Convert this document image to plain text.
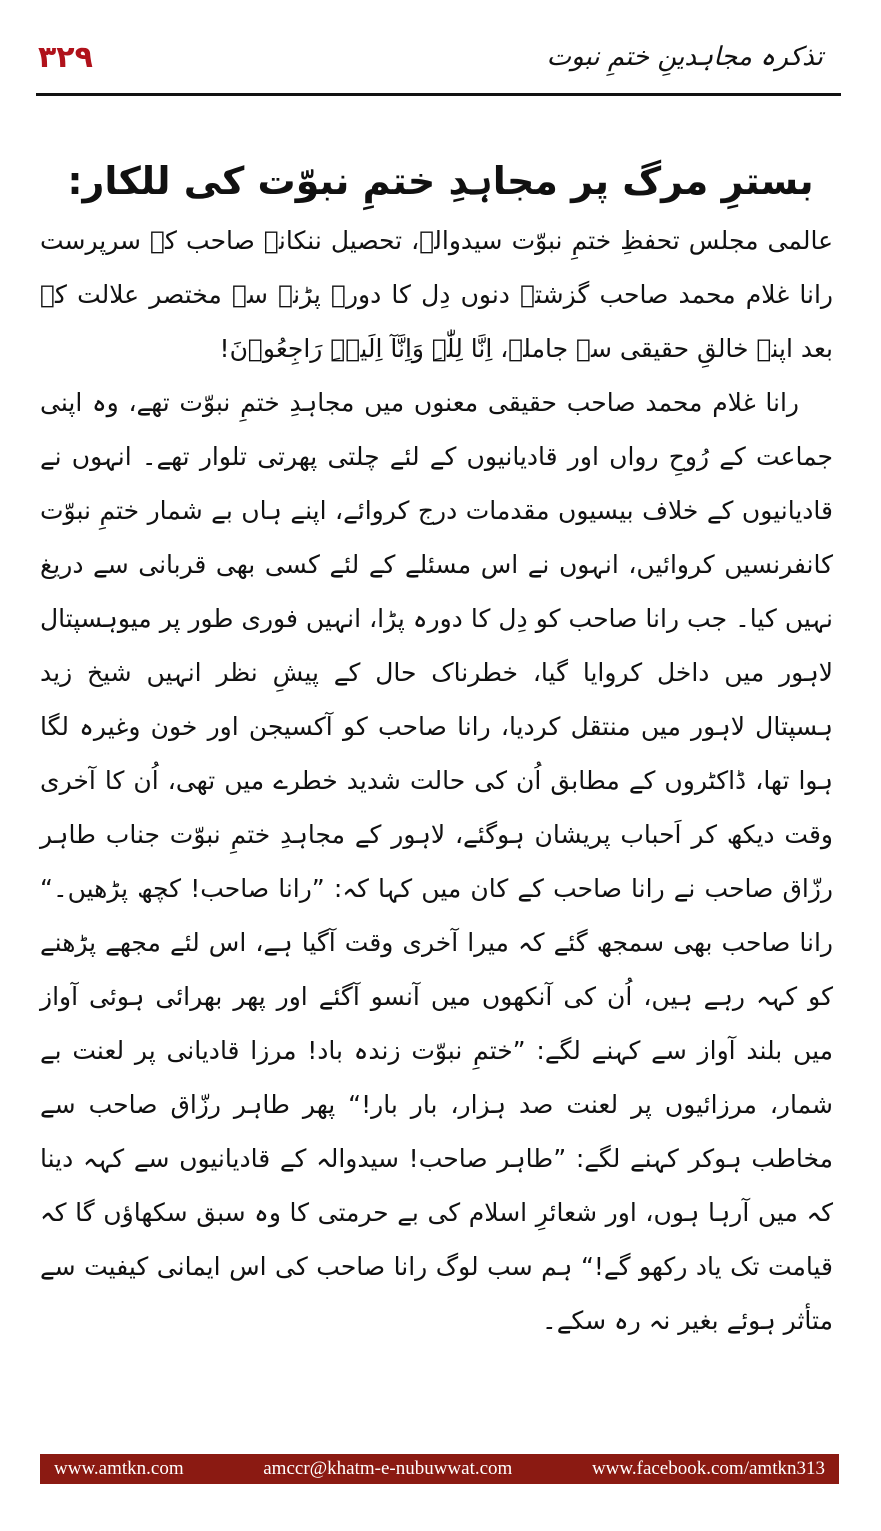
۳۲۹	تذکرہ مجاہدینِ ختمِ نبوت
بسترِ مرگ پر مجاہدِ ختمِ نبوّت کی للکار:

عالمی مجلس تحفظِ ختمِ نبوّت سیدوالہ، تحصیل ننکانہ صاحب کے سرپرست رانا غلام محمد صاحب گزشتہ دنوں دِل کا دورہ پڑنے سے مختصر علالت کے بعد اپنے خالقِ حقیقی سے جاملے، اِنَّا لِلّٰہِ وَاِنَّآ اِلَیۡہِ رَاجِعُوۡنَ!

رانا غلام محمد صاحب حقیقی معنوں میں مجاہدِ ختمِ نبوّت تھے، وہ اپنی جماعت کے رُوحِ رواں اور قادیانیوں کے لئے چلتی پھرتی تلوار تھے۔ انہوں نے قادیانیوں کے خلاف بیسیوں مقدمات درج کروائے، اپنے ہاں بے شمار ختمِ نبوّت کانفرنسیں کروائیں، انہوں نے اس مسئلے کے لئے کسی بھی قربانی سے دریغ نہیں کیا۔ جب رانا صاحب کو دِل کا دورہ پڑا، انہیں فوری طور پر میوہسپتال لاہور میں داخل کروایا گیا، خطرناک حال کے پیشِ نظر انہیں شیخ زید ہسپتال لاہور میں منتقل کردیا، رانا صاحب کو آکسیجن اور خون وغیرہ لگا ہوا تھا، ڈاکٹروں کے مطابق اُن کی حالت شدید خطرے میں تھی، اُن کا آخری وقت دیکھ کر اَحباب پریشان ہوگئے، لاہور کے مجاہدِ ختمِ نبوّت جناب طاہر رزّاق صاحب نے رانا صاحب کے کان میں کہا کہ: ”رانا صاحب! کچھ پڑھیں۔“ رانا صاحب بھی سمجھ گئے کہ میرا آخری وقت آگیا ہے، اس لئے مجھے پڑھنے کو کہہ رہے ہیں، اُن کی آنکھوں میں آنسو آگئے اور پھر بھرائی ہوئی آواز میں بلند آواز سے کہنے لگے: ”ختمِ نبوّت زندہ باد! مرزا قادیانی پر لعنت بے شمار، مرزائیوں پر لعنت صد ہزار، بار بار!“ پھر طاہر رزّاق صاحب سے مخاطب ہوکر کہنے لگے: ”طاہر صاحب! سیدوالہ کے قادیانیوں سے کہہ دینا کہ میں آرہا ہوں، اور شعائرِ اسلام کی بے حرمتی کا وہ سبق سکھاؤں گا کہ قیامت تک یاد رکھو گے!“ ہم سب لوگ رانا صاحب کی اس ایمانی کیفیت سے متأثر ہوئے بغیر نہ رہ سکے۔

www.amtkn.com	amccr@khatm-e-nubuwwat.com	www.facebook.com/amtkn313
